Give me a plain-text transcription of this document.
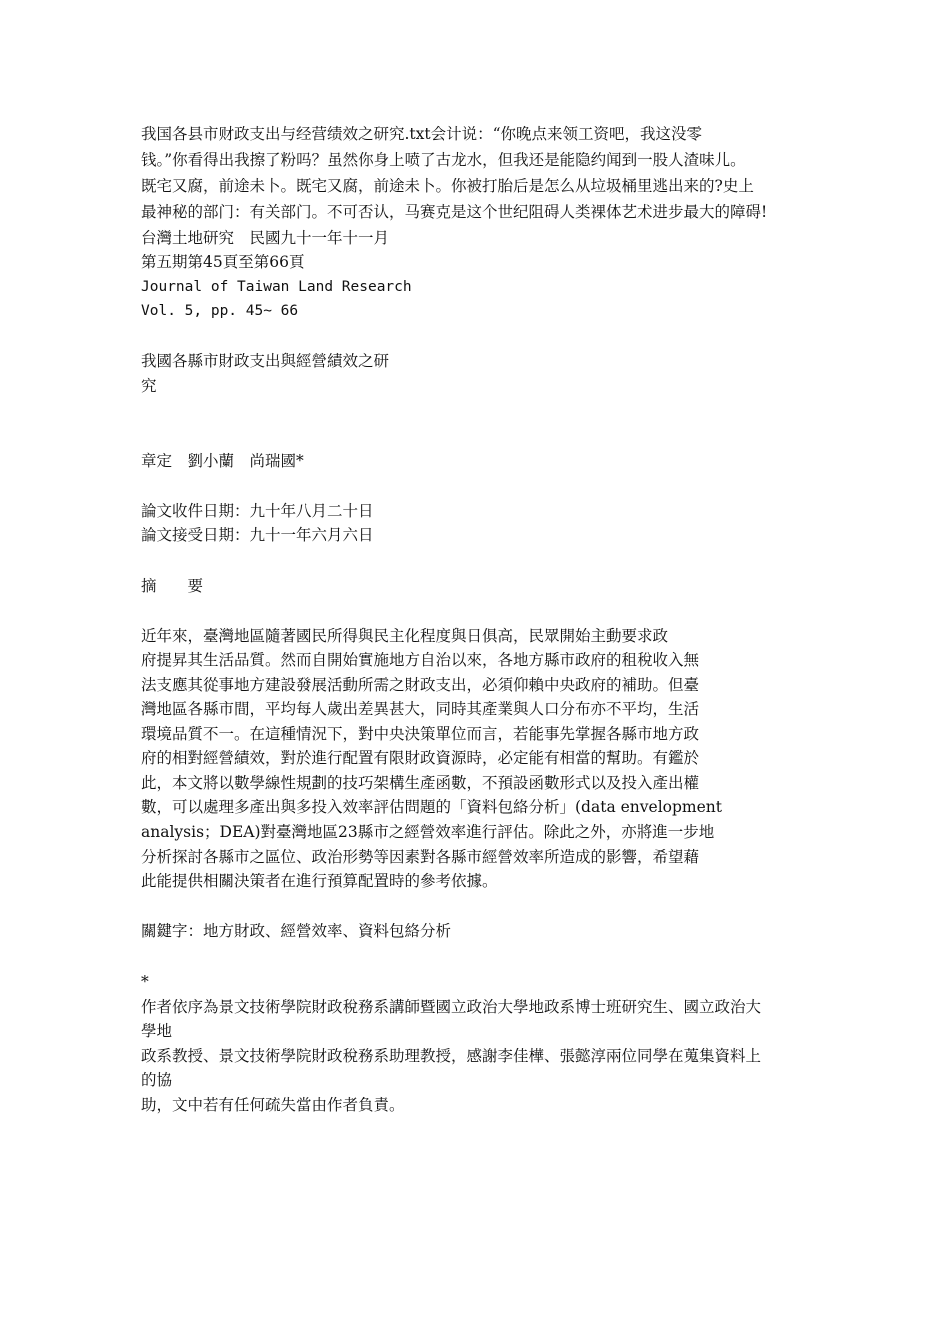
我国各县市财政支出与经营绩效之研究.txt会计说：“你晚点来领工资吧，我这没零
钱。”你看得出我擦了粉吗？虽然你身上喷了古龙水，但我还是能隐约闻到一股人渣味儿。
既宅又腐，前途未卜。既宅又腐，前途未卜。你被打胎后是怎么从垃圾桶里逃出来的?史上
最神秘的部门：有关部门。不可否认，马赛克是这个世纪阻碍人类裸体艺术进步最大的障碍!
台灣土地研究　民國九十一年十一月
第五期第45頁至第66頁
Journal of Taiwan Land Research
Vol. 5, pp. 45~ 66
我國各縣市財政支出與經營績效之研
究
章定　劉小蘭　尚瑞國*
論文收件日期：九十年八月二十日
論文接受日期：九十一年六月六日
摘　　要
近年來，臺灣地區隨著國民所得與民主化程度與日俱高，民眾開始主動要求政
府提昇其生活品質。然而自開始實施地方自治以來，各地方縣市政府的租稅收入無
法支應其從事地方建設發展活動所需之財政支出，必須仰賴中央政府的補助。但臺
灣地區各縣市間，平均每人歲出差異甚大，同時其產業與人口分布亦不平均，生活
環境品質不一。在這種情況下，對中央決策單位而言，若能事先掌握各縣市地方政
府的相對經營績效，對於進行配置有限財政資源時，必定能有相當的幫助。有鑑於
此，本文將以數學線性規劃的技巧架構生產函數，不預設函數形式以及投入產出權
數，可以處理多產出與多投入效率評估問題的「資料包絡分析」(data envelopment
analysis；DEA)對臺灣地區23縣市之經營效率進行評估。除此之外，亦將進一步地
分析探討各縣市之區位、政治形勢等因素對各縣市經營效率所造成的影響，希望藉
此能提供相關決策者在進行預算配置時的參考依據。
關鍵字：地方財政、經營效率、資料包絡分析
*
作者依序為景文技術學院財政稅務系講師暨國立政治大學地政系博士班研究生、國立政治大
學地
政系教授、景文技術學院財政稅務系助理教授，感謝李佳樺、張懿淳兩位同學在蒐集資料上
的協
助，文中若有任何疏失當由作者負責。
